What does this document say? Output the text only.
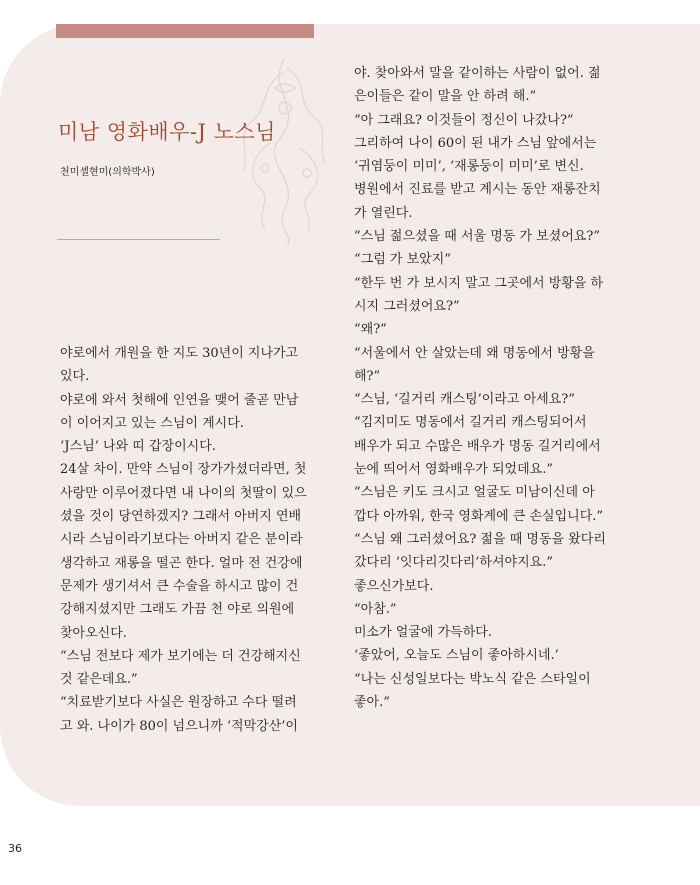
미남 영화배우-J 노스님
천미셸현미(의학박사)

야로에서 개원을 한 지도 30년이 지나가고

있다.

야로에 와서 첫해에 인연을 맺어 줄곧 만남

이 이어지고 있는 스님이 계시다.

‘J스님’ 나와 띠 갑장이시다.

24살 차이. 만약 스님이 장가가셨더라면, 첫

사랑만 이루어졌다면 내 나이의 첫딸이 있으

셨을 것이 당연하겠지? 그래서 아버지 연배

시라 스님이라기보다는 아버지 같은 분이라

생각하고 재롱을 떨곤 한다. 얼마 전 건강에

문제가 생기셔서 큰 수술을 하시고 많이 건

강해지셨지만 그래도 가끔 천 야로 의원에

찾아오신다.

“스님 전보다 제가 보기에는 더 건강해지신

것 같은데요.”

“치료받기보다 사실은 원장하고 수다 떨려

고 와. 나이가 80이 넘으니까 ‘적막강산’이

야. 찾아와서 말을 같이하는 사람이 없어. 젊

은이들은 같이 말을 안 하려 해.”

“아 그래요? 이것들이 정신이 나갔나?”

그리하여 나이 60이 된 내가 스님 앞에서는

‘귀염둥이 미미’, ‘재롱둥이 미미’로 변신.

병원에서 진료를 받고 계시는 동안 재롱잔치

가 열린다.

“스님 젊으셨을 때 서울 명동 가 보셨어요?”

“그럼 가 보았지”

“한두 번 가 보시지 말고 그곳에서 방황을 하

시지 그러셨어요?”

“왜?”

“서울에서 안 살았는데 왜 명동에서 방황을

해?”

“스님, ‘길거리 캐스팅’이라고 아세요?”

“김지미도 명동에서 길거리 캐스팅되어서

배우가 되고 수많은 배우가 명동 길거리에서

눈에 띄어서 영화배우가 되었데요.”

“스님은 키도 크시고 얼굴도 미남이신데 아

깝다 아까워, 한국 영화계에 큰 손실입니다.”

“스님 왜 그러셨어요? 젊을 때 명동을 왔다리

갔다리 ‘잇다리깃다리’하셔야지요.”

좋으신가보다.

“아참.”

미소가 얼굴에 가득하다.

‘좋았어, 오늘도 스님이 좋아하시네.’

“나는 신성일보다는 박노식 같은 스타일이

좋아.”

36
